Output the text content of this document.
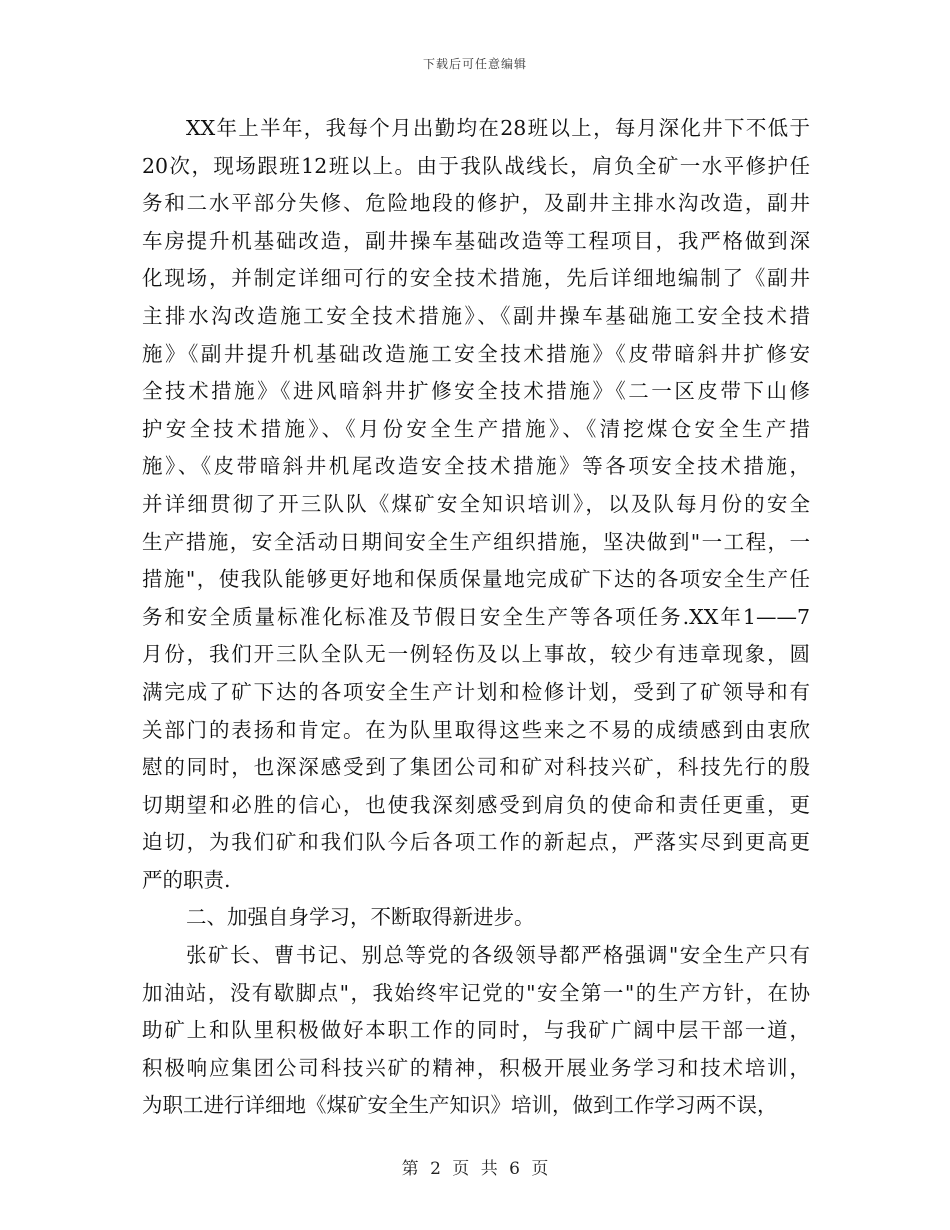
下载后可任意编辑
XX年上半年，我每个月出勤均在28班以上，每月深化井下不低于
20次，现场跟班12班以上。由于我队战线长，肩负全矿一水平修护任
务和二水平部分失修、危险地段的修护，及副井主排水沟改造，副井
车房提升机基础改造，副井操车基础改造等工程项目，我严格做到深
化现场，并制定详细可行的安全技术措施，先后详细地编制了《副井
主排水沟改造施工安全技术措施》、《副井操车基础施工安全技术措
施》《副井提升机基础改造施工安全技术措施》《皮带暗斜井扩修安
全技术措施》《进风暗斜井扩修安全技术措施》《二一区皮带下山修
护安全技术措施》、《月份安全生产措施》、《清挖煤仓安全生产措
施》、《皮带暗斜井机尾改造安全技术措施》等各项安全技术措施，
并详细贯彻了开三队队《煤矿安全知识培训》，以及队每月份的安全
生产措施，安全活动日期间安全生产组织措施，坚决做到"一工程，一
措施"，使我队能够更好地和保质保量地完成矿下达的各项安全生产任
务和安全质量标准化标准及节假日安全生产等各项任务.XX年1——7
月份，我们开三队全队无一例轻伤及以上事故，较少有违章现象，圆
满完成了矿下达的各项安全生产计划和检修计划，受到了矿领导和有
关部门的表扬和肯定。在为队里取得这些来之不易的成绩感到由衷欣
慰的同时，也深深感受到了集团公司和矿对科技兴矿，科技先行的殷
切期望和必胜的信心，也使我深刻感受到肩负的使命和责任更重，更
迫切，为我们矿和我们队今后各项工作的新起点，严落实尽到更高更
严的职责.
二、加强自身学习，不断取得新进步。
张矿长、曹书记、别总等党的各级领导都严格强调"安全生产只有
加油站，没有歇脚点"，我始终牢记党的"安全第一"的生产方针，在协
助矿上和队里积极做好本职工作的同时，与我矿广阔中层干部一道，
积极响应集团公司科技兴矿的精神，积极开展业务学习和技术培训，
为职工进行详细地《煤矿安全生产知识》培训，做到工作学习两不误，
第 2 页 共 6 页
